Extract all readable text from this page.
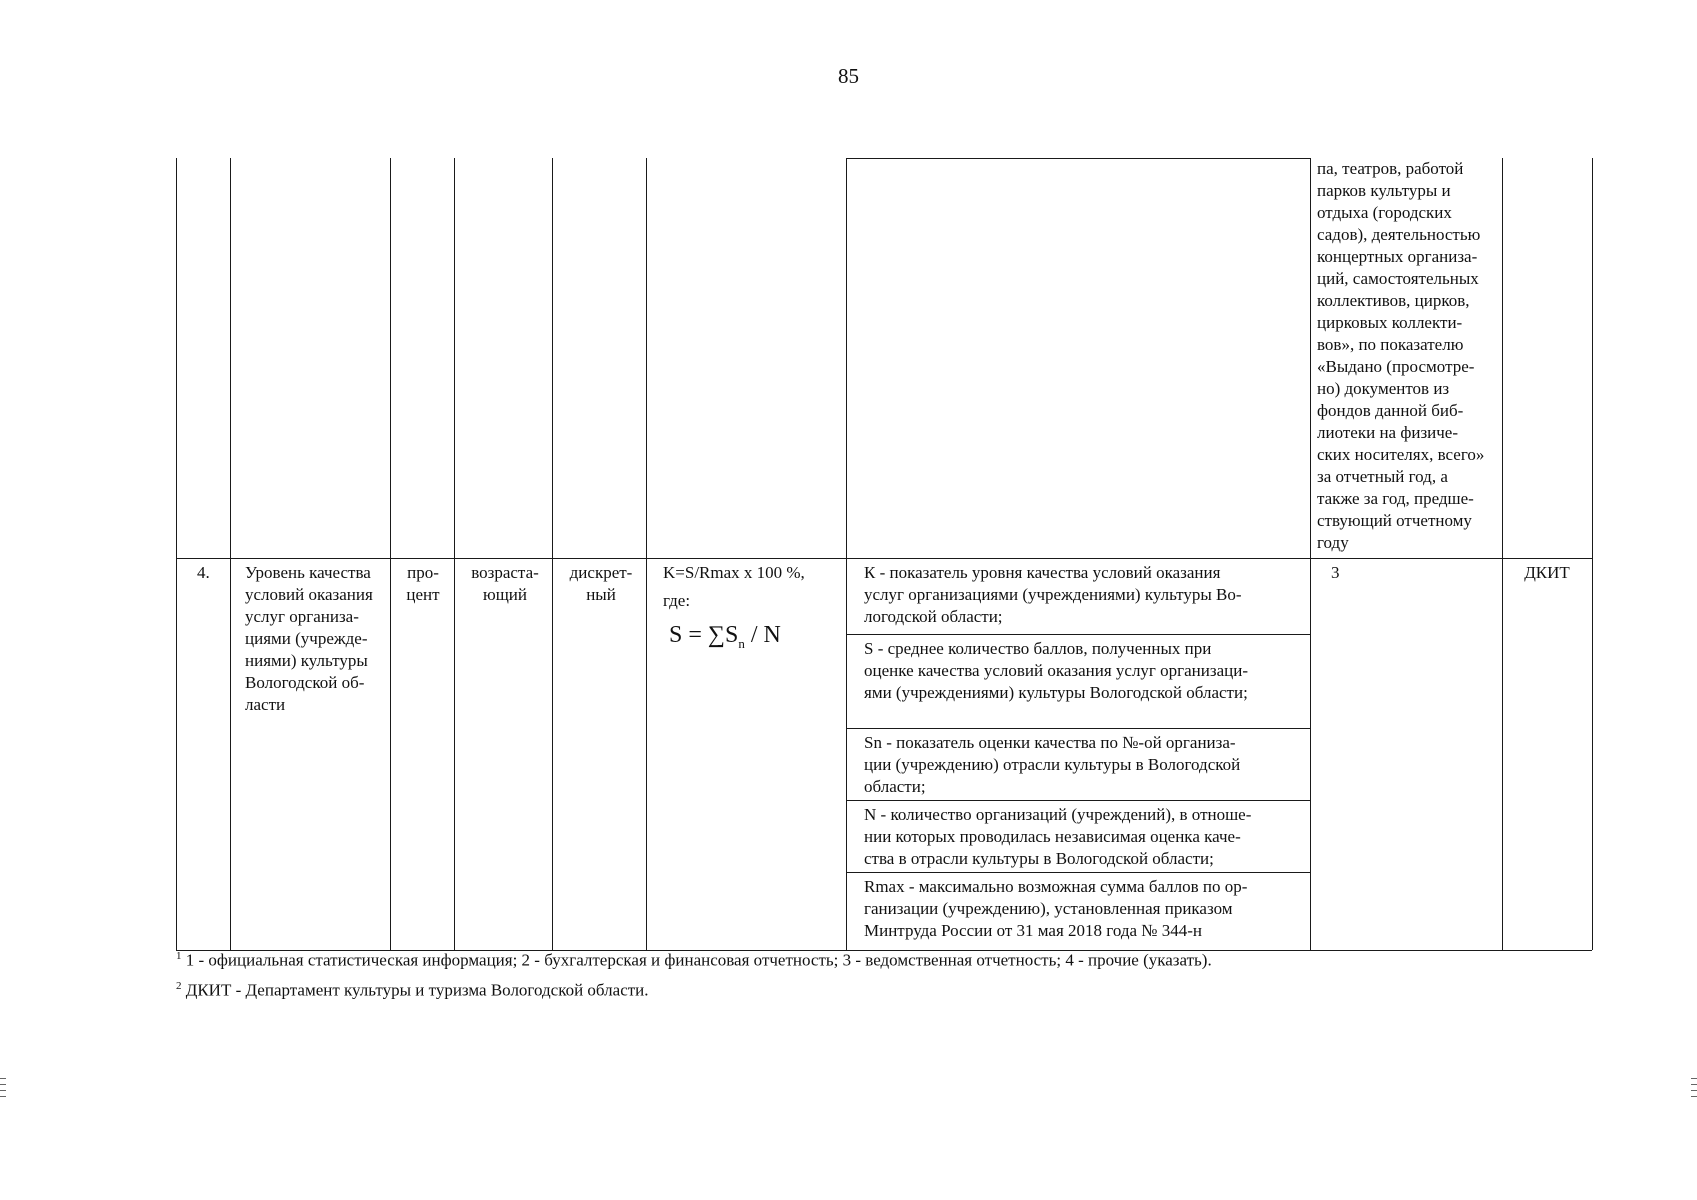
85
па, театров, работой
парков культуры и
отдыха (городских
садов), деятельностью
концертных организа-
ций, самостоятельных
коллективов, цирков,
цирковых коллекти-
вов», по показателю
«Выдано (просмотре-
но) документов из
фондов данной биб-
лиотеки на физиче-
ских носителях, всего»
за отчетный год, а
также за год, предше-
ствующий отчетному
году
4. Уровень качества
условий оказания
услуг организа-
циями (учрежде-
ниями) культуры
Вологодской об-
ласти
про-
цент
возраста-
ющий
дискрет-
ный
K=S/Rmax x 100 %,
где:
$S = \sum S_n / N$
К - показатель уровня качества условий оказания
услуг организациями (учреждениями) культуры Во-
логодской области;
S - среднее количество баллов, полученных при
оценке качества условий оказания услуг организаци-
ями (учреждениями) культуры Вологодской области;
Sn - показатель оценки качества по №-ой организа-
ции (учреждению) отрасли культуры в Вологодской
области;
N - количество организаций (учреждений), в отноше-
нии которых проводилась независимая оценка каче-
ства в отрасли культуры в Вологодской области;
Rmax - максимально возможная сумма баллов по ор-
ганизации (учреждению), установленная приказом
Минтруда России от 31 мая 2018 года № 344-н
3	ДКИТ
$^1$ 1 - официальная статистическая информация; 2 - бухгалтерская и финансовая отчетность; 3 - ведомственная отчетность; 4 - прочие (указать).
$^2$ ДКИТ - Департамент культуры и туризма Вологодской области.
